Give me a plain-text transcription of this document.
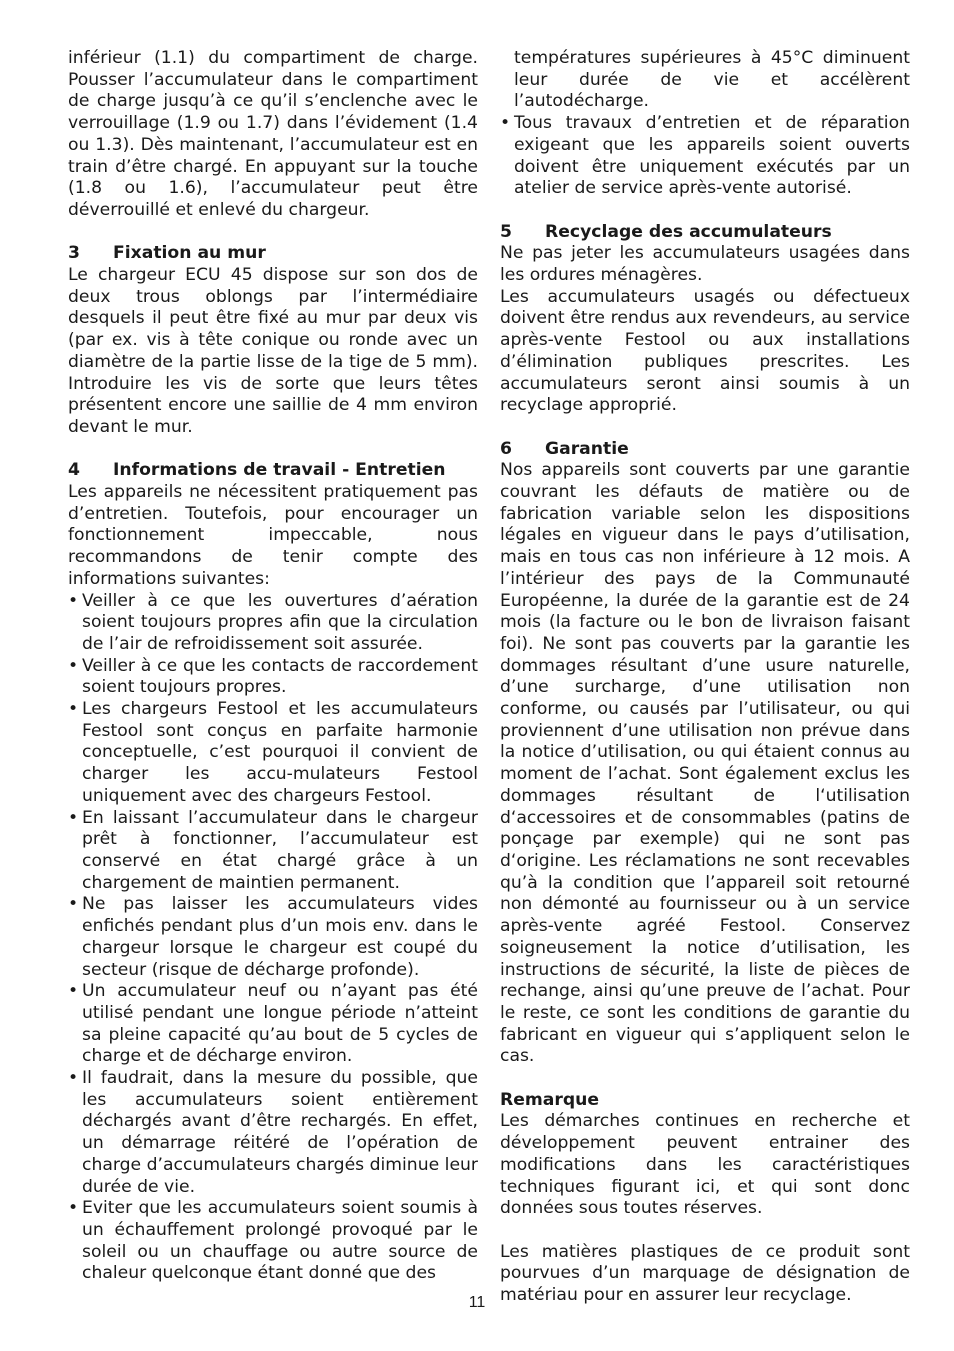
inférieur (1.1) du compartiment de charge. Pousser l’accumulateur dans le compartiment de charge jusqu’à ce qu’il s’enclenche avec le verrouillage (1.9 ou 1.7) dans l’évidement (1.4 ou 1.3). Dès maintenant, l’accumulateur est en train d’être chargé. En appuyant sur la touche (1.8 ou 1.6), l’accumulateur peut être déverrouillé et enlevé du chargeur.

3 Fixation au mur

Le chargeur ECU 45 dispose sur son dos de deux trous oblongs par l’intermédiaire desquels il peut être fixé au mur par deux vis (par ex. vis à tête conique ou ronde avec un diamètre de la partie lisse de la tige de 5 mm). Introduire les vis de sorte que leurs têtes présentent encore une saillie de 4 mm environ devant le mur.

4 Informations de travail - Entretien

Les appareils ne nécessitent pratiquement pas d’entretien. Toutefois, pour encourager un fonctionnement impeccable, nous recommandons de tenir compte des informations suivantes:

• Veiller à ce que les ouvertures d’aération soient toujours propres afin que la circulation de l’air de refroidissement soit assurée.
• Veiller à ce que les contacts de raccordement soient toujours propres.
• Les chargeurs Festool et les accumulateurs Festool sont conçus en parfaite harmonie conceptuelle, c’est pourquoi il convient de charger les accu-mulateurs Festool uniquement avec des chargeurs Festool.
• En laissant l’accumulateur dans le chargeur prêt à fonctionner, l’accumulateur est conservé en état chargé grâce à un chargement de maintien permanent.
• Ne pas laisser les accumulateurs vides enfichés pendant plus d’un mois env. dans le chargeur lorsque le chargeur est coupé du secteur (risque de décharge profonde).
• Un accumulateur neuf ou n’ayant pas été utilisé pendant une longue période n’atteint sa pleine capacité qu’au bout de 5 cycles de charge et de décharge environ.
• Il faudrait, dans la mesure du possible, que les accumulateurs soient entièrement déchargés avant d’être rechargés. En effet, un démarrage réitéré de l’opération de charge d’accumulateurs chargés diminue leur durée de vie.
• Eviter que les accumulateurs soient soumis à un échauffement prolongé provoqué par le soleil ou un chauffage ou autre source de chaleur quelconque étant donné que des

températures supérieures à 45°C diminuent leur durée de vie et accélèrent l’autodécharge.

• Tous travaux d’entretien et de réparation exigeant que les appareils soient ouverts doivent être uniquement exécutés par un atelier de service après-vente autorisé.
5 Recyclage des accumulateurs

Ne pas jeter les accumulateurs usagées dans les ordures ménagères.

Les accumulateurs usagés ou défectueux doivent être rendus aux revendeurs, au service après-vente Festool ou aux installations d’élimination publiques prescrites. Les accumulateurs seront ainsi soumis à un recyclage approprié.

6 Garantie

Nos appareils sont couverts par une garantie couvrant les défauts de matière ou de fabrication variable selon les dispositions légales en vigueur dans le pays d’utilisation, mais en tous cas non inférieure à 12 mois. A l’intérieur des pays de la Communauté Européenne, la durée de la garantie est de 24 mois (la facture ou le bon de livraison faisant foi). Ne sont pas couverts par la garantie les dommages résultant d’une usure naturelle, d’une surcharge, d’une utilisation non conforme, ou causés par l’utilisateur, ou qui proviennent d’une utilisation non prévue dans la notice d’utilisation, ou qui étaient connus au moment de l’achat. Sont également exclus les dommages résultant de l‘utilisation d‘accessoires et de consommables (patins de ponçage par exemple) qui ne sont pas d‘origine. Les réclamations ne sont recevables qu’à la condition que l’appareil soit retourné non démonté au fournisseur ou à un service après-vente agréé Festool. Conservez soigneusement la notice d’utilisation, les instructions de sécurité, la liste de pièces de rechange, ainsi qu’une preuve de l’achat. Pour le reste, ce sont les conditions de garantie du fabricant en vigueur qui s’appliquent selon le cas.

Remarque

Les démarches continues en recherche et développement peuvent entrainer des modifications dans les caractéristiques techniques figurant ici, et qui sont donc données sous toutes réserves.

Les matières plastiques de ce produit sont pourvues d’un marquage de désignation de matériau pour en assurer leur recyclage.

11
